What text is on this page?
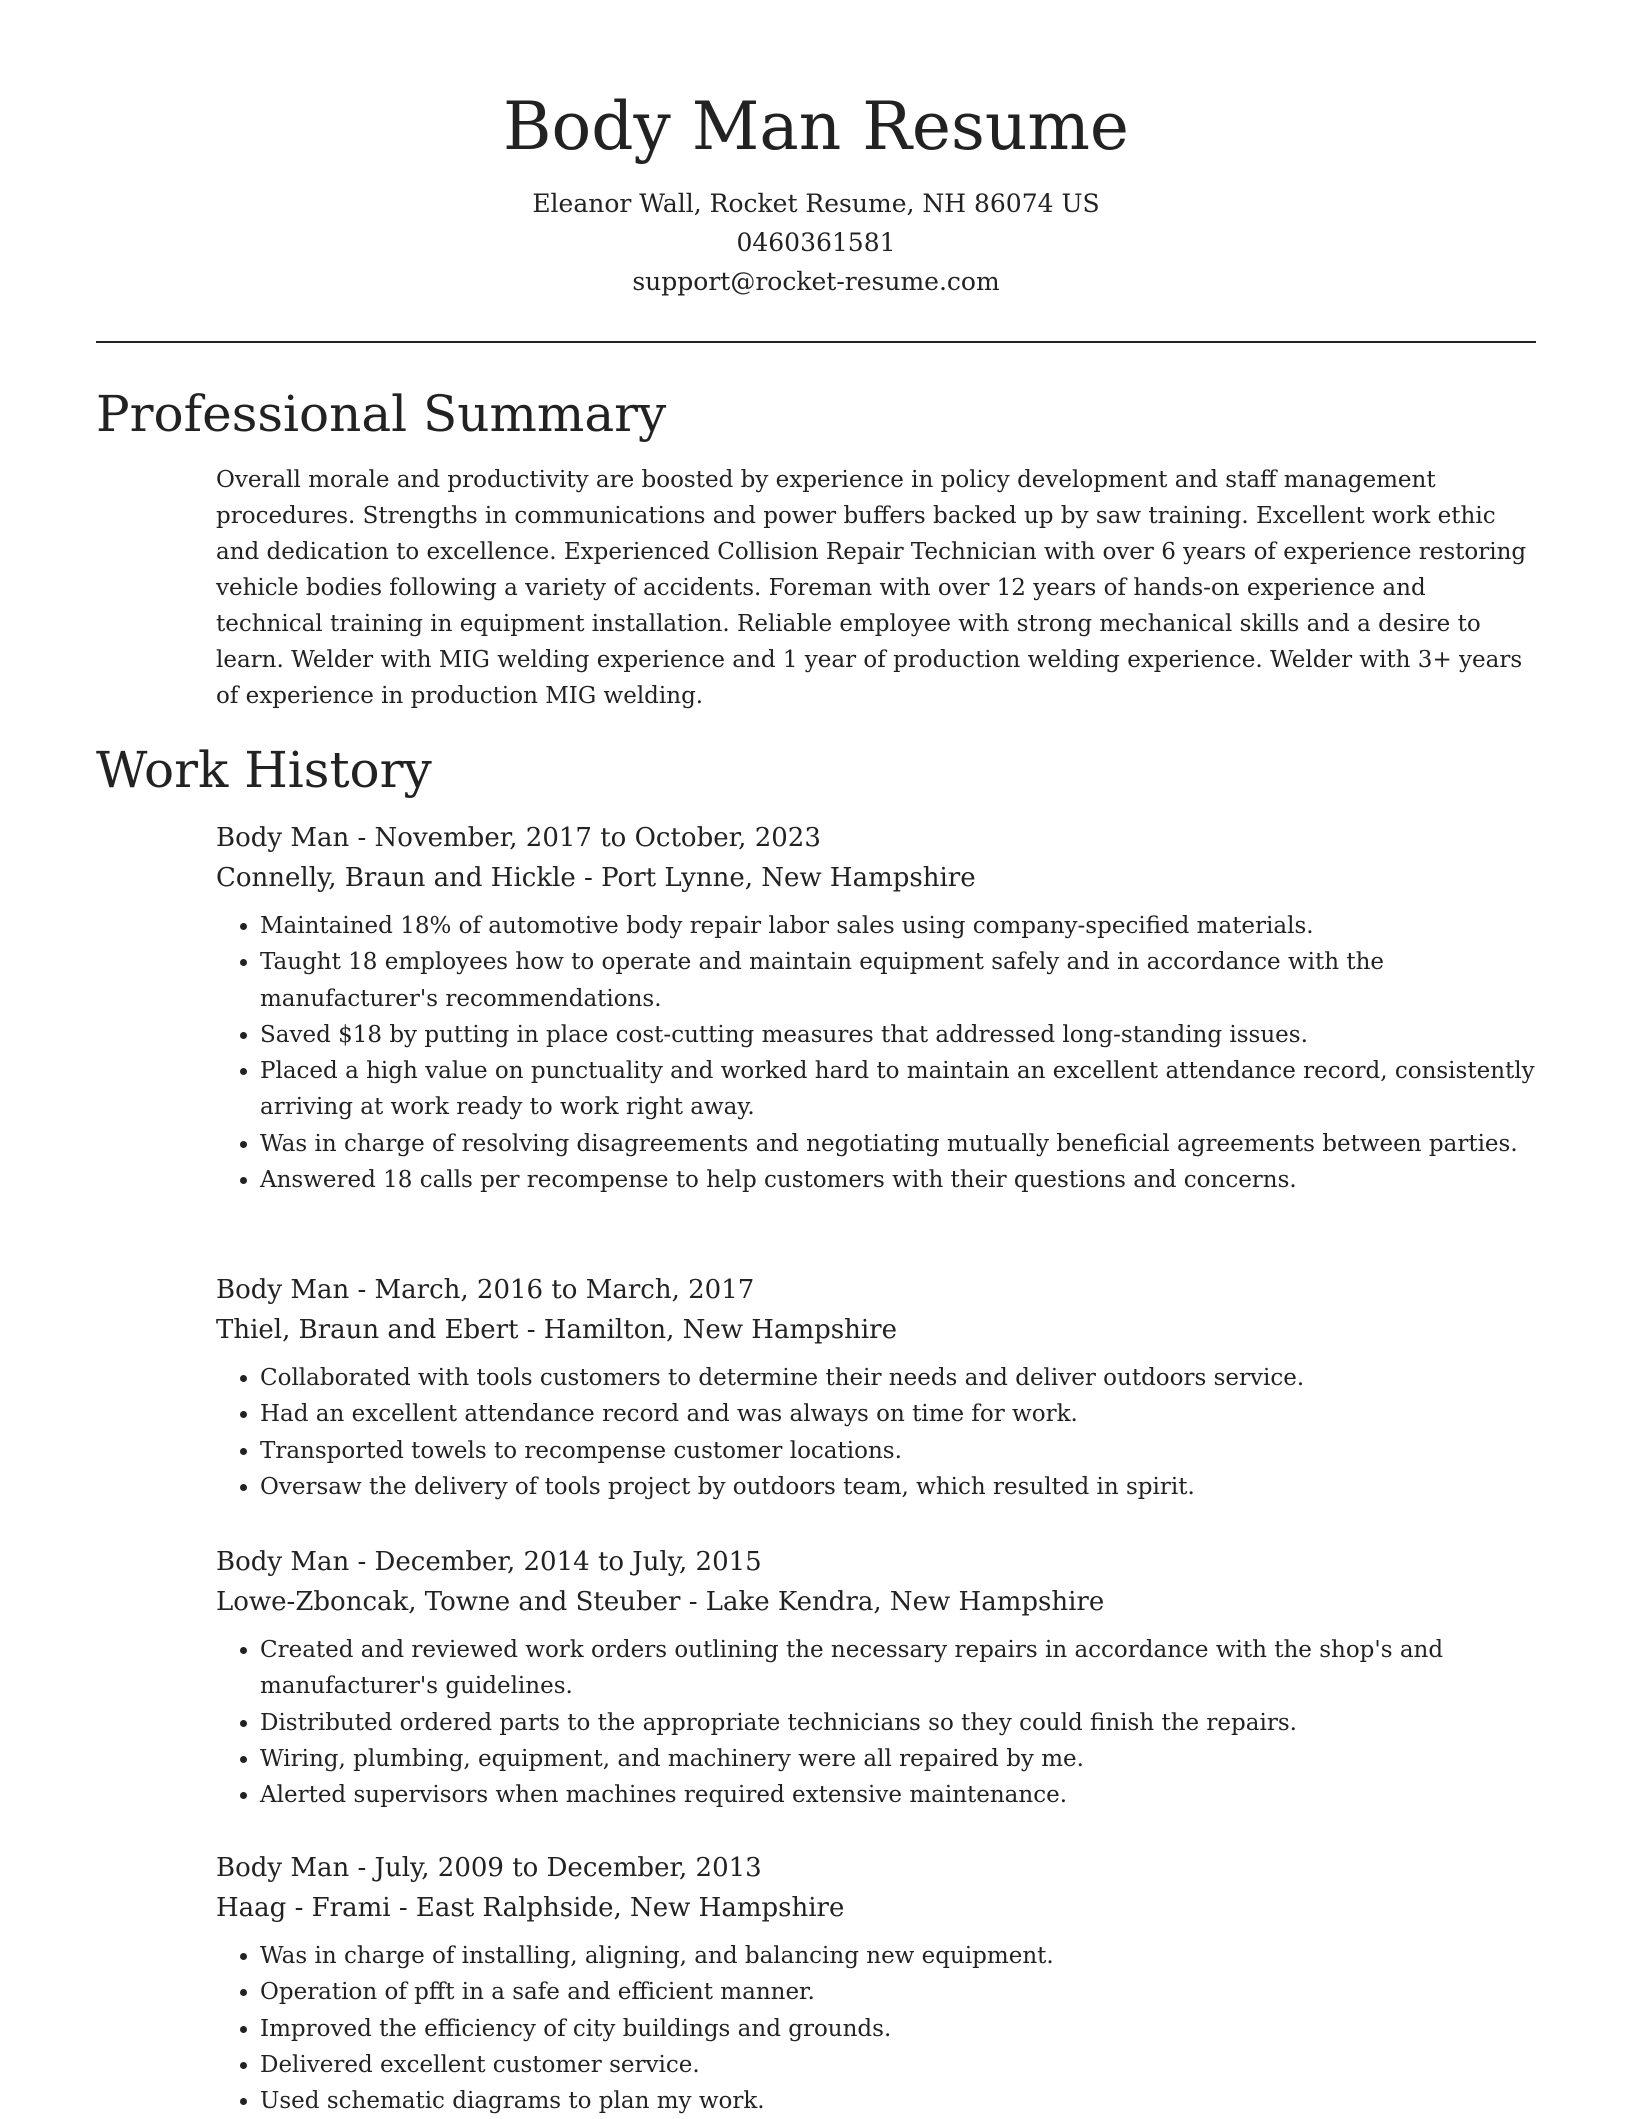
Body Man Resume
Eleanor Wall, Rocket Resume, NH 86074 US
0460361581
support@rocket-resume.com
Professional Summary

Overall morale and productivity are boosted by experience in policy development and staff management procedures. Strengths in communications and power buffers backed up by saw training. Excellent work ethic and dedication to excellence. Experienced Collision Repair Technician with over 6 years of experience restoring vehicle bodies following a variety of accidents. Foreman with over 12 years of hands-on experience and technical training in equipment installation. Reliable employee with strong mechanical skills and a desire to learn. Welder with MIG welding experience and 1 year of production welding experience. Welder with 3+ years of experience in production MIG welding.

Work History
Body Man - November, 2017 to October, 2023
Connelly, Braun and Hickle - Port Lynne, New Hampshire
• Maintained 18% of automotive body repair labor sales using company-specified materials.
• Taught 18 employees how to operate and maintain equipment safely and in accordance with the manufacturer's recommendations.
• Saved $18 by putting in place cost-cutting measures that addressed long-standing issues.
• Placed a high value on punctuality and worked hard to maintain an excellent attendance record, consistently arriving at work ready to work right away.
• Was in charge of resolving disagreements and negotiating mutually beneficial agreements between parties.
• Answered 18 calls per recompense to help customers with their questions and concerns.
Body Man - March, 2016 to March, 2017
Thiel, Braun and Ebert - Hamilton, New Hampshire
• Collaborated with tools customers to determine their needs and deliver outdoors service.
• Had an excellent attendance record and was always on time for work.
• Transported towels to recompense customer locations.
• Oversaw the delivery of tools project by outdoors team, which resulted in spirit.
Body Man - December, 2014 to July, 2015
Lowe-Zboncak, Towne and Steuber - Lake Kendra, New Hampshire
• Created and reviewed work orders outlining the necessary repairs in accordance with the shop's and manufacturer's guidelines.
• Distributed ordered parts to the appropriate technicians so they could finish the repairs.
• Wiring, plumbing, equipment, and machinery were all repaired by me.
• Alerted supervisors when machines required extensive maintenance.
Body Man - July, 2009 to December, 2013
Haag - Frami - East Ralphside, New Hampshire
• Was in charge of installing, aligning, and balancing new equipment.
• Operation of pfft in a safe and efficient manner.
• Improved the efficiency of city buildings and grounds.
• Delivered excellent customer service.
• Used schematic diagrams to plan my work.
